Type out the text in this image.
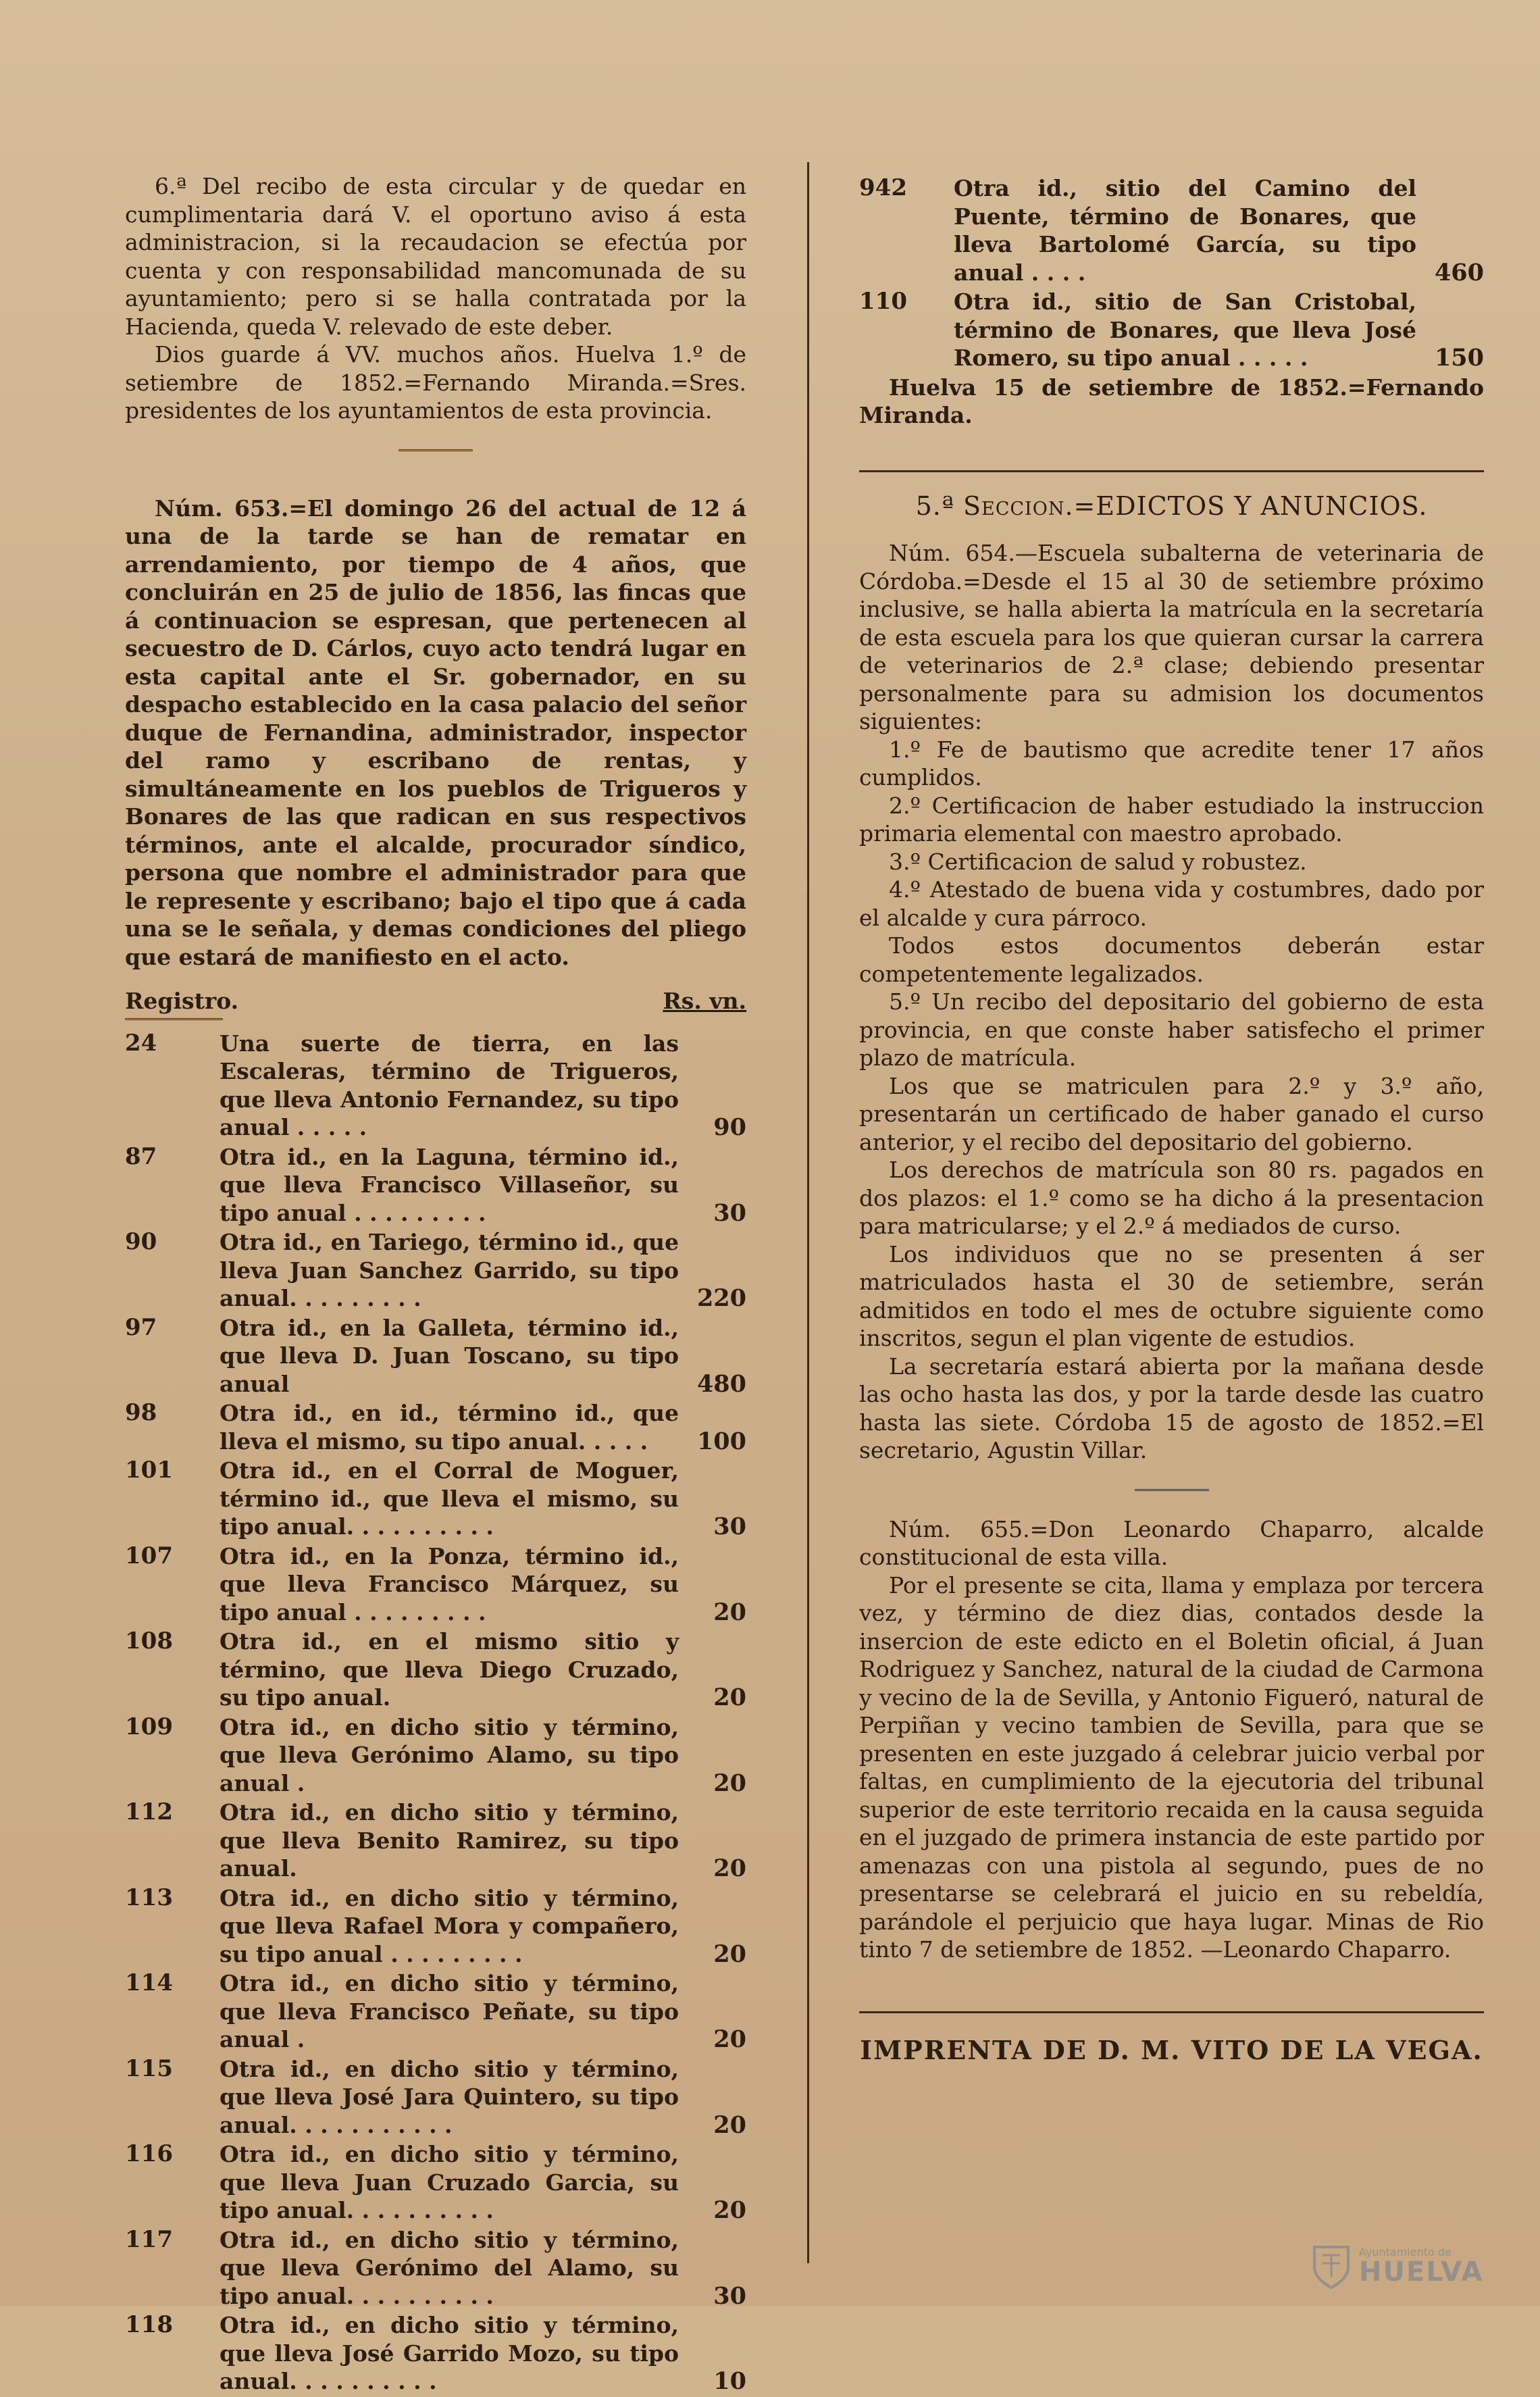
6.ª Del recibo de esta circular y de quedar en cumplimentaria dará V. el oportuno aviso á esta administracion, si la recaudacion se efectúa por cuenta y con responsabilidad mancomunada de su ayuntamiento; pero si se halla contratada por la Hacienda, queda V. relevado de este deber.

Dios guarde á VV. muchos años. Huelva 1.º de setiembre de 1852.=Fernando Miranda.=Sres. presidentes de los ayuntamientos de esta provincia.

Núm. 653.=El domingo 26 del actual de 12 á una de la tarde se han de rematar en arrendamiento, por tiempo de 4 años, que concluirán en 25 de julio de 1856, las fincas que á continuacion se espresan, que pertenecen al secuestro de D. Cárlos, cuyo acto tendrá lugar en esta capital ante el Sr. gobernador, en su despacho establecido en la casa palacio del señor duque de Fernandina, administrador, inspector del ramo y escribano de rentas, y simultáneamente en los pueblos de Trigueros y Bonares de las que radican en sus respectivos términos, ante el alcalde, procurador síndico, persona que nombre el administrador para que le represente y escribano; bajo el tipo que á cada una se le señala, y demas condiciones del pliego que estará de manifiesto en el acto.

Registro.	Rs. vn.
24	Una suerte de tierra, en las Escaleras, término de Trigueros, que lleva Antonio Fernandez, su tipo anual . . . . .	90
87	Otra id., en la Laguna, término id., que lleva Francisco Villaseñor, su tipo anual . . . . . . . . .	30
90	Otra id., en Tariego, término id., que lleva Juan Sanchez Garrido, su tipo anual. . . . . . . . .	220
97	Otra id., en la Galleta, término id., que lleva D. Juan Toscano, su tipo anual	480
98	Otra id., en id., término id., que lleva el mismo, su tipo anual. . . . .	100
101	Otra id., en el Corral de Moguer, término id., que lleva el mismo, su tipo anual. . . . . . . . . .	30
107	Otra id., en la Ponza, término id., que lleva Francisco Márquez, su tipo anual . . . . . . . . .	20
108	Otra id., en el mismo sitio y término, que lleva Diego Cruzado, su tipo anual.	20
109	Otra id., en dicho sitio y término, que lleva Gerónimo Alamo, su tipo anual .	20
112	Otra id., en dicho sitio y término, que lleva Benito Ramirez, su tipo anual.	20
113	Otra id., en dicho sitio y término, que lleva Rafael Mora y compañero, su tipo anual . . . . . . . . .	20
114	Otra id., en dicho sitio y término, que lleva Francisco Peñate, su tipo anual .	20
115	Otra id., en dicho sitio y término, que lleva José Jara Quintero, su tipo anual. . . . . . . . . . .	20
116	Otra id., en dicho sitio y término, que lleva Juan Cruzado Garcia, su tipo anual. . . . . . . . . .	20
117	Otra id., en dicho sitio y término, que lleva Gerónimo del Alamo, su tipo anual. . . . . . . . . .	30
118	Otra id., en dicho sitio y término, que lleva José Garrido Mozo, su tipo anual. . . . . . . . . .	10
942	Otra id., sitio del Camino del Puente, término de Bonares, que lleva Bartolomé García, su tipo anual . . . .	460
110	Otra id., sitio de San Cristobal, término de Bonares, que lleva José Romero, su tipo anual . . . . .	150

Huelva 15 de setiembre de 1852.=Fernando Miranda.

5.ª Seccion.=EDICTOS Y ANUNCIOS.

Núm. 654.—Escuela subalterna de veterinaria de Córdoba.=Desde el 15 al 30 de setiembre próximo inclusive, se halla abierta la matrícula en la secretaría de esta escuela para los que quieran cursar la carrera de veterinarios de 2.ª clase; debiendo presentar personalmente para su admision los documentos siguientes:

1.º Fe de bautismo que acredite tener 17 años cumplidos.

2.º Certificacion de haber estudiado la instruccion primaria elemental con maestro aprobado.

3.º Certificacion de salud y robustez.

4.º Atestado de buena vida y costumbres, dado por el alcalde y cura párroco.

Todos estos documentos deberán estar competentemente legalizados.

5.º Un recibo del depositario del gobierno de esta provincia, en que conste haber satisfecho el primer plazo de matrícula.

Los que se matriculen para 2.º y 3.º año, presentarán un certificado de haber ganado el curso anterior, y el recibo del depositario del gobierno.

Los derechos de matrícula son 80 rs. pagados en dos plazos: el 1.º como se ha dicho á la presentacion para matricularse; y el 2.º á mediados de curso.

Los individuos que no se presenten á ser matriculados hasta el 30 de setiembre, serán admitidos en todo el mes de octubre siguiente como inscritos, segun el plan vigente de estudios.

La secretaría estará abierta por la mañana desde las ocho hasta las dos, y por la tarde desde las cuatro hasta las siete. Córdoba 15 de agosto de 1852.=El secretario, Agustin Villar.

Núm. 655.=Don Leonardo Chaparro, alcalde constitucional de esta villa.

Por el presente se cita, llama y emplaza por tercera vez, y término de diez dias, contados desde la insercion de este edicto en el Boletin oficial, á Juan Rodriguez y Sanchez, natural de la ciudad de Carmona y vecino de la de Sevilla, y Antonio Figueró, natural de Perpiñan y vecino tambien de Sevilla, para que se presenten en este juzgado á celebrar juicio verbal por faltas, en cumplimiento de la ejecutoria del tribunal superior de este territorio recaida en la causa seguida en el juzgado de primera instancia de este partido por amenazas con una pistola al segundo, pues de no presentarse se celebrará el juicio en su rebeldía, parándole el perjuicio que haya lugar. Minas de Rio tinto 7 de setiembre de 1852. —Leonardo Chaparro.

IMPRENTA DE D. M. VITO DE LA VEGA.
Ayuntamiento de
HUELVA
